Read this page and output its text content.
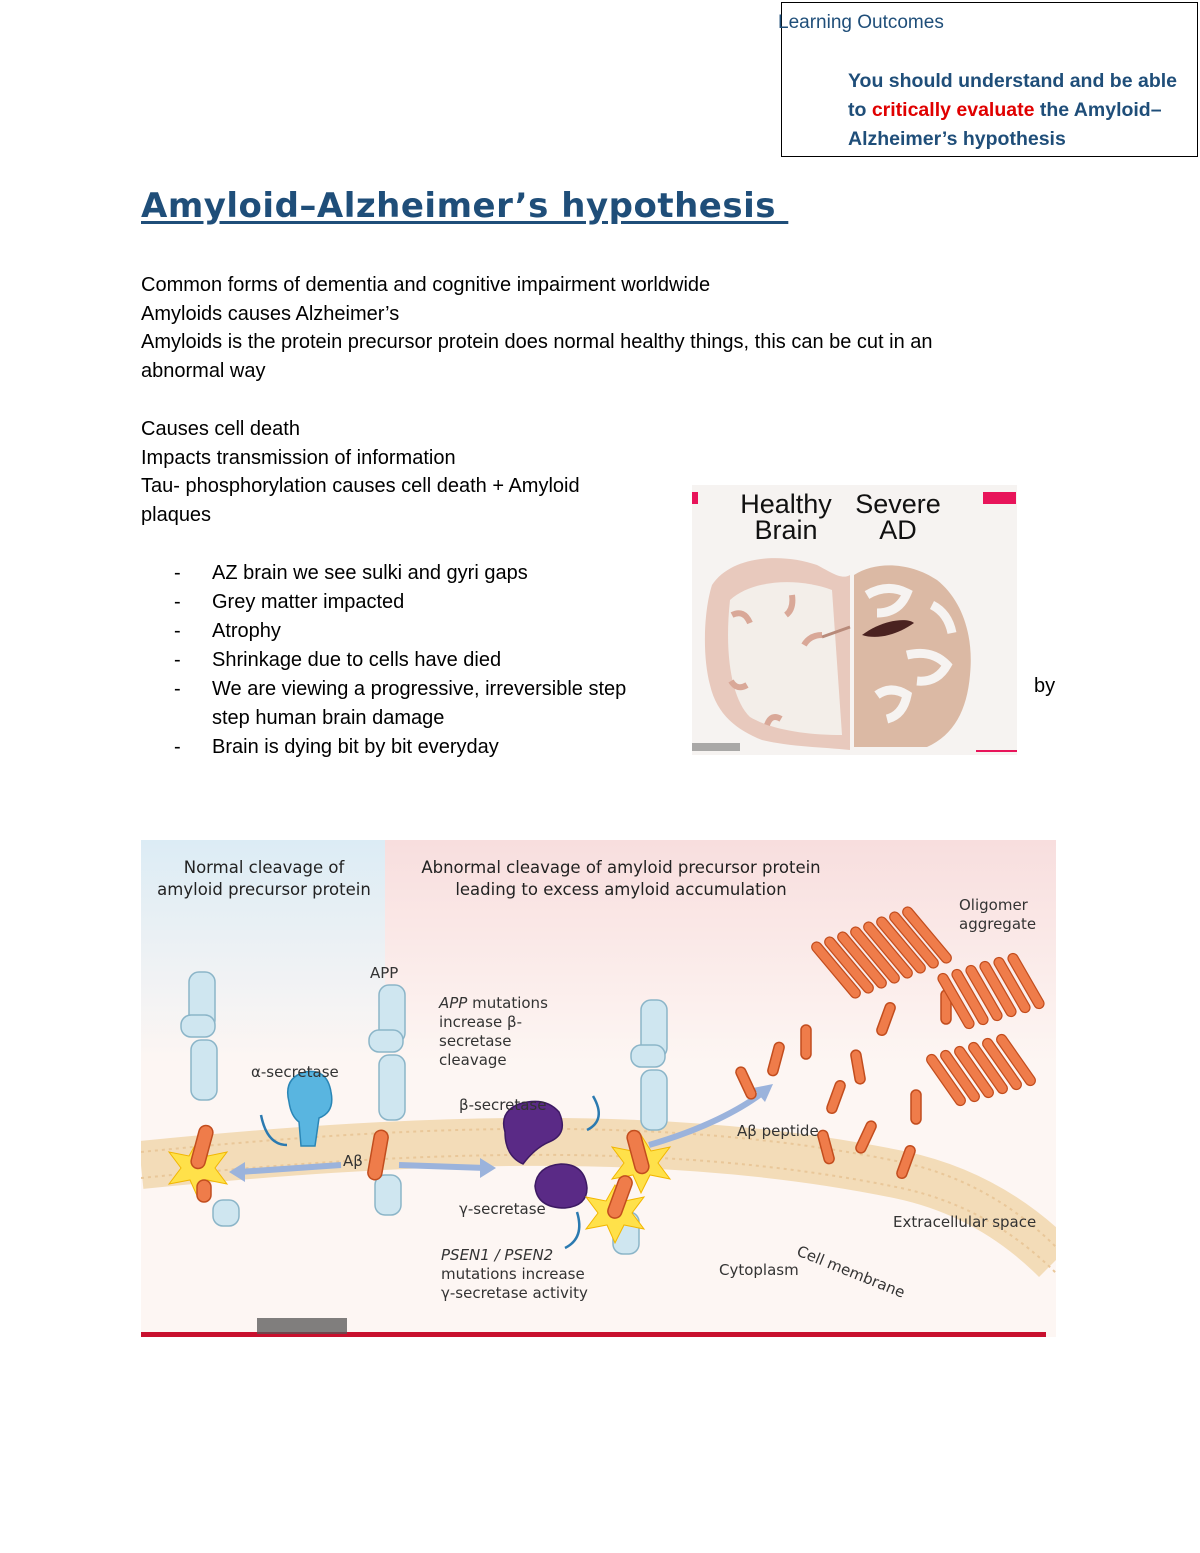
Learning Outcomes
You should understand and be able to critically evaluate the Amyloid–Alzheimer’s hypothesis
Amyloid–Alzheimer’s hypothesis
Common forms of dementia and cognitive impairment worldwide
Amyloids causes Alzheimer’s
Amyloids is the protein precursor protein does normal healthy things, this can be cut in an
abnormal way
Causes cell death
Impacts transmission of information
Tau- phosphorylation causes cell death + Amyloid
plaques
- AZ brain we see sulki and gyri gaps
- Grey matter impacted
- Atrophy
- Shrinkage due to cells have died
- We are viewing a progressive, irreversible step
step human brain damage
- Brain is dying bit by bit everyday
by
Healthy Brain
Severe AD
Normal cleavage of amyloid precursor protein
Abnormal cleavage of amyloid precursor protein leading to excess amyloid accumulation
APP
α-secretase
Aβ
APP mutations increase β-secretase cleavage
β-secretase
γ-secretase
PSEN1 / PSEN2 mutations increase γ-secretase activity
Aβ peptide
Oligomer aggregate
Extracellular space
Cell membrane
Cytoplasm
